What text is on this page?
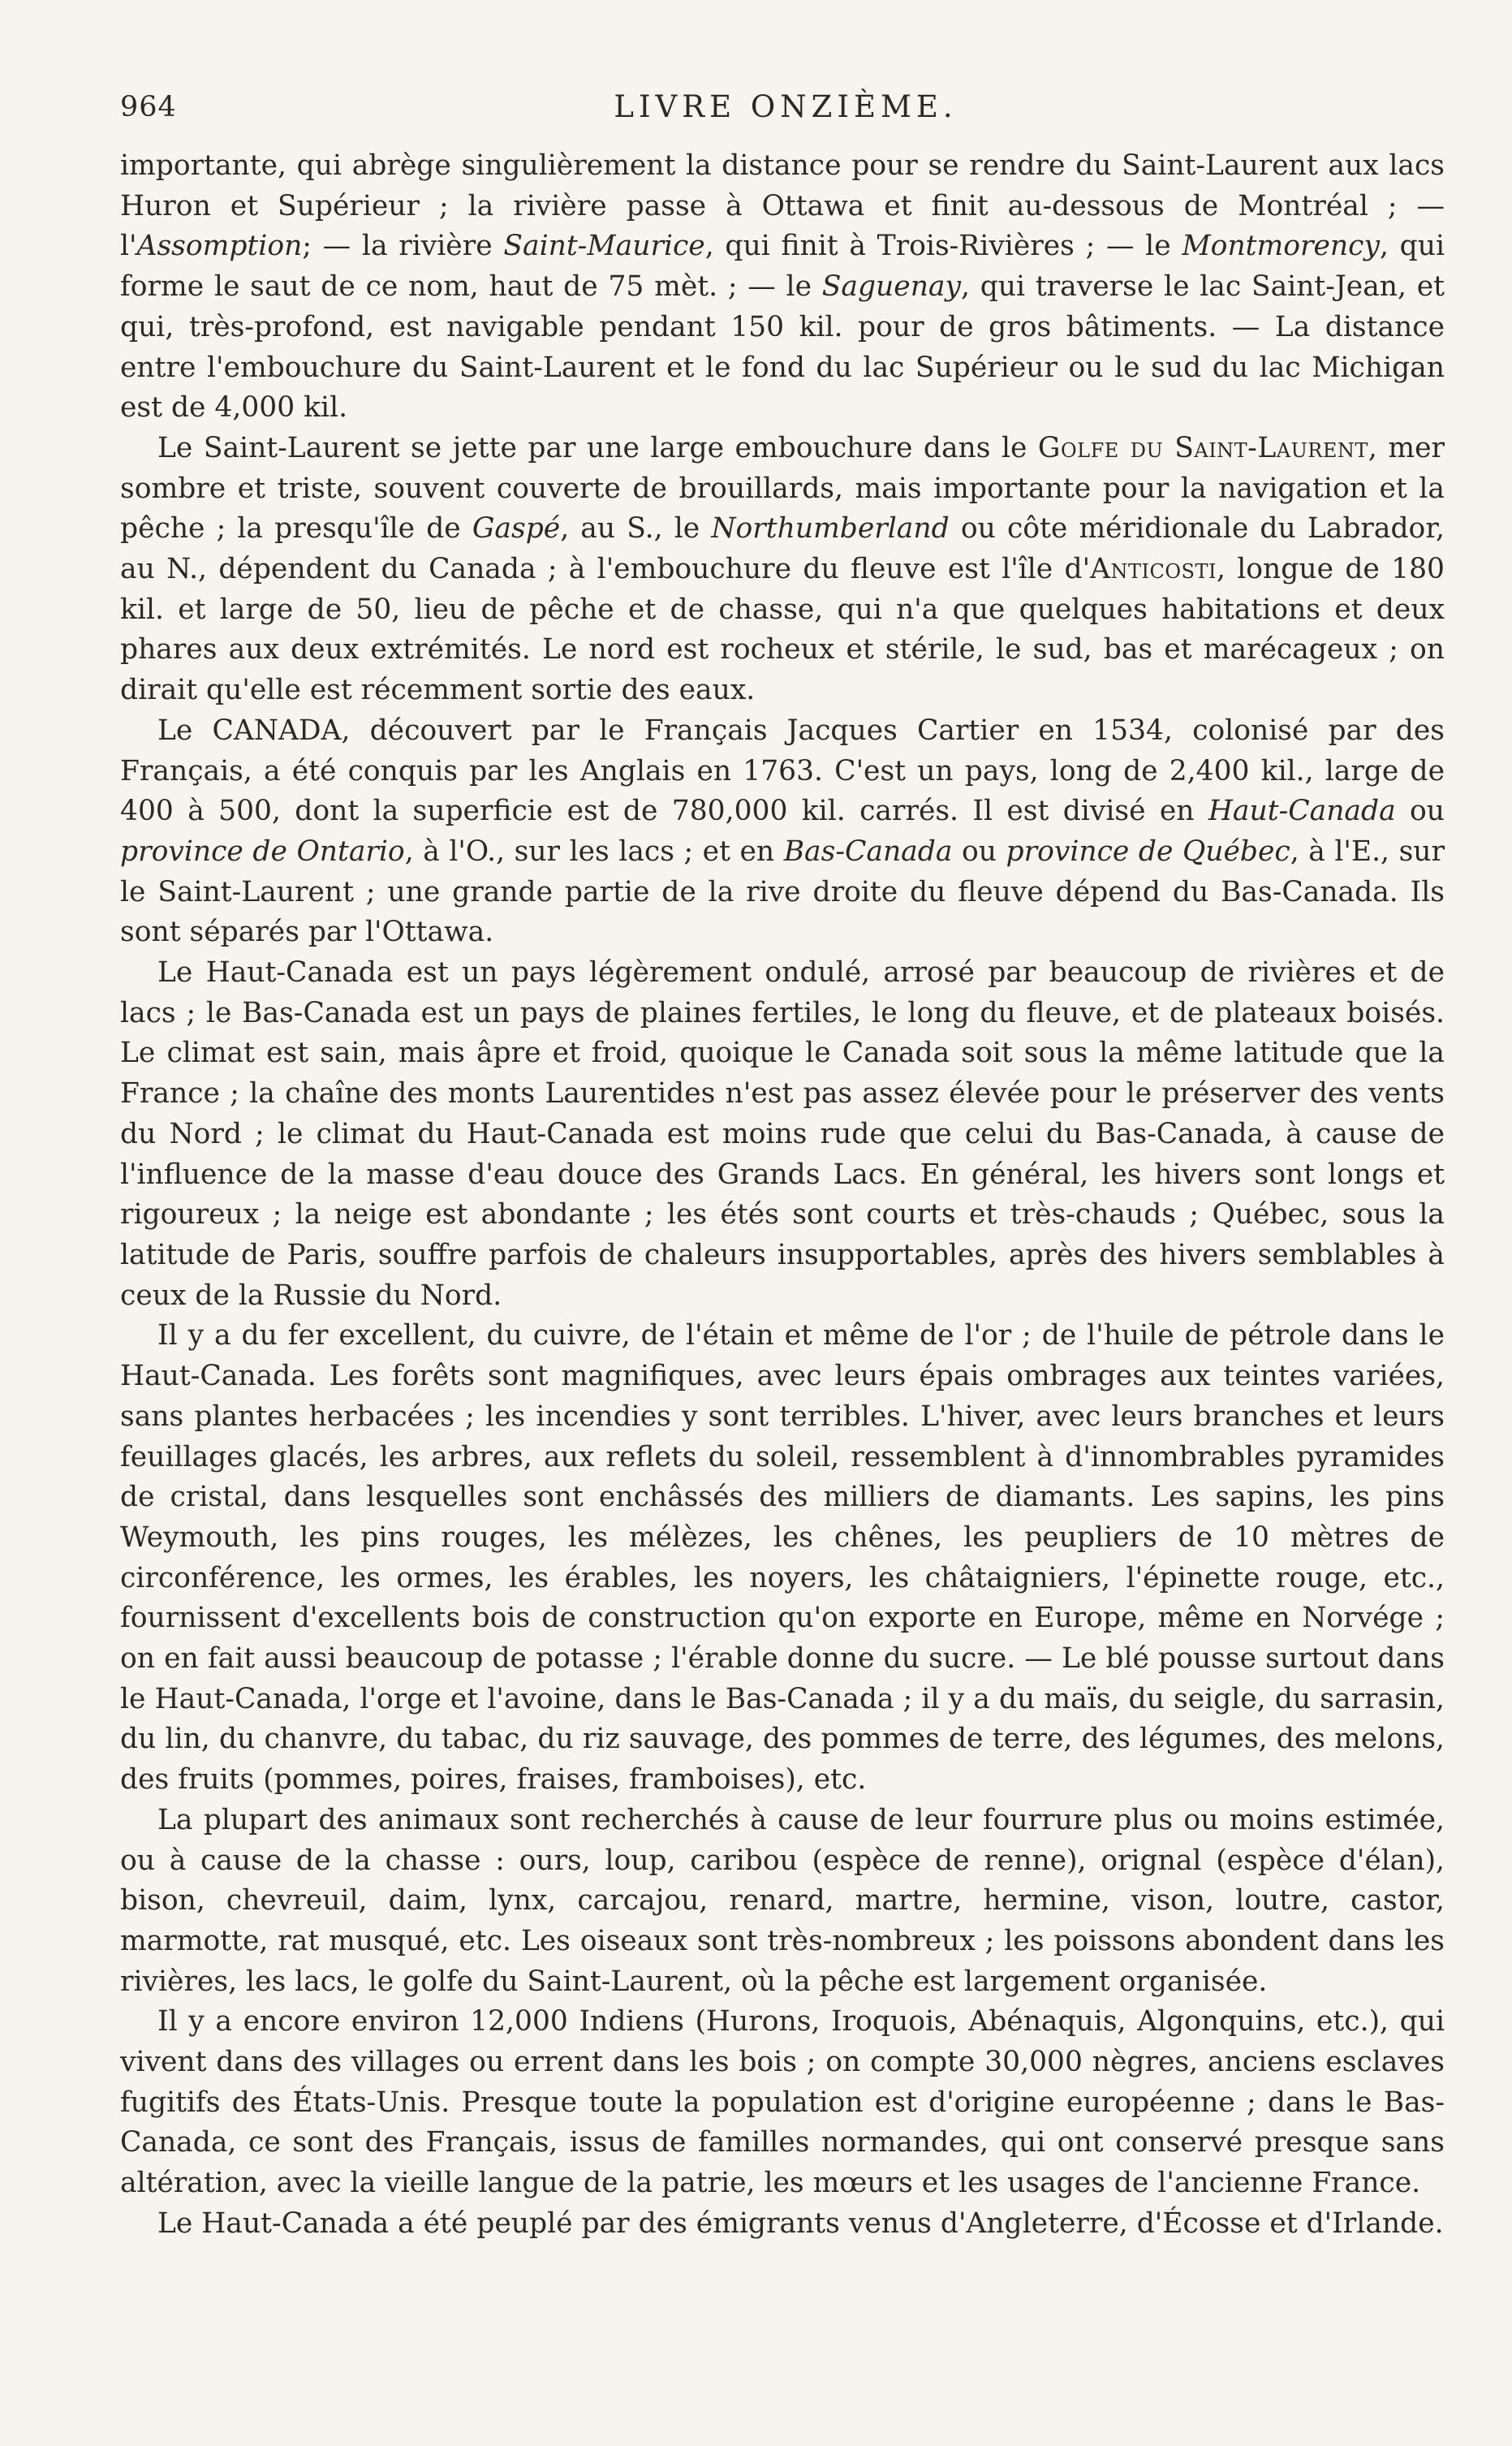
964	LIVRE ONZIÈME.

importante, qui abrège singulièrement la distance pour se rendre du Saint-Laurent aux lacs Huron et Supérieur ; la rivière passe à Ottawa et finit au-dessous de Montréal ; — l'Assomption; — la rivière Saint-Maurice, qui finit à Trois-Rivières ; — le Montmorency, qui forme le saut de ce nom, haut de 75 mèt. ; — le Saguenay, qui traverse le lac Saint-Jean, et qui, très-profond, est navigable pendant 150 kil. pour de gros bâtiments. — La distance entre l'embouchure du Saint-Laurent et le fond du lac Supérieur ou le sud du lac Michigan est de 4,000 kil.

Le Saint-Laurent se jette par une large embouchure dans le Golfe du Saint-Laurent, mer sombre et triste, souvent couverte de brouillards, mais importante pour la navigation et la pêche ; la presqu'île de Gaspé, au S., le Northumberland ou côte méridionale du Labrador, au N., dépendent du Canada ; à l'embouchure du fleuve est l'île d'Anticosti, longue de 180 kil. et large de 50, lieu de pêche et de chasse, qui n'a que quelques habitations et deux phares aux deux extrémités. Le nord est rocheux et stérile, le sud, bas et marécageux ; on dirait qu'elle est récemment sortie des eaux.

Le CANADA, découvert par le Français Jacques Cartier en 1534, colonisé par des Français, a été conquis par les Anglais en 1763. C'est un pays, long de 2,400 kil., large de 400 à 500, dont la superficie est de 780,000 kil. carrés. Il est divisé en Haut-Canada ou province de Ontario, à l'O., sur les lacs ; et en Bas-Canada ou province de Québec, à l'E., sur le Saint-Laurent ; une grande partie de la rive droite du fleuve dépend du Bas-Canada. Ils sont séparés par l'Ottawa.

Le Haut-Canada est un pays légèrement ondulé, arrosé par beaucoup de rivières et de lacs ; le Bas-Canada est un pays de plaines fertiles, le long du fleuve, et de plateaux boisés. Le climat est sain, mais âpre et froid, quoique le Canada soit sous la même latitude que la France ; la chaîne des monts Laurentides n'est pas assez élevée pour le préserver des vents du Nord ; le climat du Haut-Canada est moins rude que celui du Bas-Canada, à cause de l'influence de la masse d'eau douce des Grands Lacs. En général, les hivers sont longs et rigoureux ; la neige est abondante ; les étés sont courts et très-chauds ; Québec, sous la latitude de Paris, souffre parfois de chaleurs insupportables, après des hivers semblables à ceux de la Russie du Nord.

Il y a du fer excellent, du cuivre, de l'étain et même de l'or ; de l'huile de pétrole dans le Haut-Canada. Les forêts sont magnifiques, avec leurs épais ombrages aux teintes variées, sans plantes herbacées ; les incendies y sont terribles. L'hiver, avec leurs branches et leurs feuillages glacés, les arbres, aux reflets du soleil, ressemblent à d'innombrables pyramides de cristal, dans lesquelles sont enchâssés des milliers de diamants. Les sapins, les pins Weymouth, les pins rouges, les mélèzes, les chênes, les peupliers de 10 mètres de circonférence, les ormes, les érables, les noyers, les châtaigniers, l'épinette rouge, etc., fournissent d'excellents bois de construction qu'on exporte en Europe, même en Norvége ; on en fait aussi beaucoup de potasse ; l'érable donne du sucre. — Le blé pousse surtout dans le Haut-Canada, l'orge et l'avoine, dans le Bas-Canada ; il y a du maïs, du seigle, du sarrasin, du lin, du chanvre, du tabac, du riz sauvage, des pommes de terre, des légumes, des melons, des fruits (pommes, poires, fraises, framboises), etc.

La plupart des animaux sont recherchés à cause de leur fourrure plus ou moins estimée, ou à cause de la chasse : ours, loup, caribou (espèce de renne), orignal (espèce d'élan), bison, chevreuil, daim, lynx, carcajou, renard, martre, hermine, vison, loutre, castor, marmotte, rat musqué, etc. Les oiseaux sont très-nombreux ; les poissons abondent dans les rivières, les lacs, le golfe du Saint-Laurent, où la pêche est largement organisée.

Il y a encore environ 12,000 Indiens (Hurons, Iroquois, Abénaquis, Algonquins, etc.), qui vivent dans des villages ou errent dans les bois ; on compte 30,000 nègres, anciens esclaves fugitifs des États-Unis. Presque toute la population est d'origine européenne ; dans le Bas-Canada, ce sont des Français, issus de familles normandes, qui ont conservé presque sans altération, avec la vieille langue de la patrie, les mœurs et les usages de l'ancienne France.

Le Haut-Canada a été peuplé par des émigrants venus d'Angleterre, d'Écosse et d'Irlande.
